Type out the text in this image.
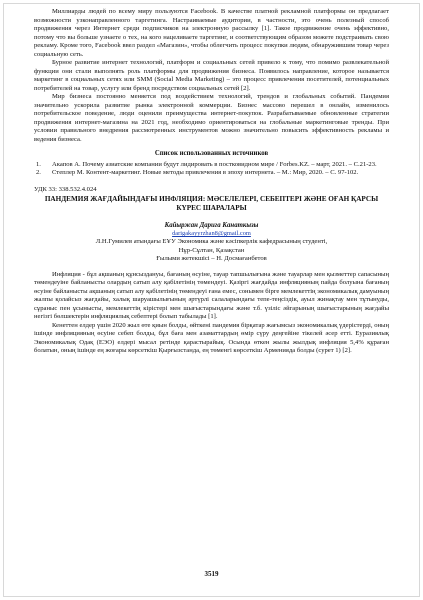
Миллиарды людей по всему миру пользуются Facebook. В качестве платной рекламной платформы он предлагает возможности узконаправленного таргетинга. Настраиваемые аудитории, в частности, это очень полезный способ продвижения через Интернет среди подписчиков на электронную рассылку [1]. Такое продвижение очень эффективно, потому что вы больше узнаете о тех, на кого нацеливаете таргетинг, и соответствующим образом можете подстраивать свою рекламу. Кроме того, Facebook ввел раздел «Магазин», чтобы облегчить процесс покупки людям, обнаружившим товар через социальную сеть.

Бурное развитие интернет технологий, платформ и социальных сетей привело к тому, что помимо развлекательной функции они стали выполнять роль платформы для продвижения бизнеса. Появилось направление, которое называется маркетинг в социальных сетях или SMM (Social Media Marketing) – это процесс привлечения посетителей, потенциальных потребителей на товар, услугу или бренд посредством социальных сетей [2].

Мир бизнеса постоянно меняется под воздействием технологий, трендов и глобальных событий. Пандемия значительно ускорила развитие рынка электронной коммерции. Бизнес массово перешел в онлайн, изменилось потребительское поведение, люди оценили преимущества интернет-покупок. Разрабатываемые обновленные стратегии продвижения интернет-магазина на 2021 год, необходимо ориентироваться на глобальные маркетинговые тренды. При условии правильного внедрения рассмотренных инструментов можно значительно повысить эффективность рекламы и ведения бизнеса.

Список использованных источников
1.	Акапов А. Почему азиатские компании будут лидировать в постковидном мире / Forbes.KZ. – март, 2021. – С.21-23.
2.	Степлер М. Контент-маркетинг. Новые методы привлечения в эпоху интернета. – М.: Мир, 2020. – С. 97-102.
УДК 33: 338.532.4.024
ПАНДЕМИЯ ЖАҒДАЙЫНДАҒЫ ИНФЛЯЦИЯ: МӘСЕЛЕЛЕРІ, СЕБЕПТЕРІ ЖӘНЕ ОҒАН ҚАРСЫ КҮРЕС ШАРАЛАРЫ
Кайыржан Дарига Канаткызы
darigakayyrzhan8@gmail.com
Л.Н.Гумилев атындағы ЕҰУ Экономика және кәсіпкерлік кафедрасының студенті,
Нұр-Сұлтан, Қазақстан
Ғылыми жетекшісі – Н. Досмағанбетов

Инфляция - бұл ақшаның құнсыздануы, бағаның өсуіне, тауар тапшылығына және тауарлар мен қызметтер сапасының төмендеуіне байланысты олардың сатып алу қабілетінің төмендеуі. Қазіргі жағдайда инфляцияның пайда болуына бағаның өсуіне байланысты ақшаның сатып алу қабілетінің төмендеуі ғана емес, сонымен бірге мемлекеттің экономикалық дамуының жалпы қолайсыз жағдайы, халық шаруашылығының әртүрлі салаларындағы тепе-теңсіздік, ауыл жинақтау мен тұтынуды, сұраныс пен ұсынысты, мемлекеттің кірістері мен шығыстарындағы және т.б. үзіліс әйгарының шығыстарының жағдайы негізгі бөлшектерін инфляциялық себептері болып табылады [1].

Кенеттен елдер үшін 2020 жыл өте қиын болды, өйткені пандемия бірқатар жағымсыз экономикалық үдерістерді, оның ішінде инфляцияның өсуіне себеп болды, бұл баға мен азаматтардың өмір сүру деңгейіне тікелей әсер етті. Еуразиялық Экономикалық Одақ (ЕЭО) елдері мысал ретінде қарастырайық. Осында өткен жылы жылдық инфляция 5,4% құраған болатын, оның ішінде ең жоғары көрсеткіш Қырғызстанда, ең төменгі көрсеткіш Арменияда болды (сурет 1) [2].

3519
